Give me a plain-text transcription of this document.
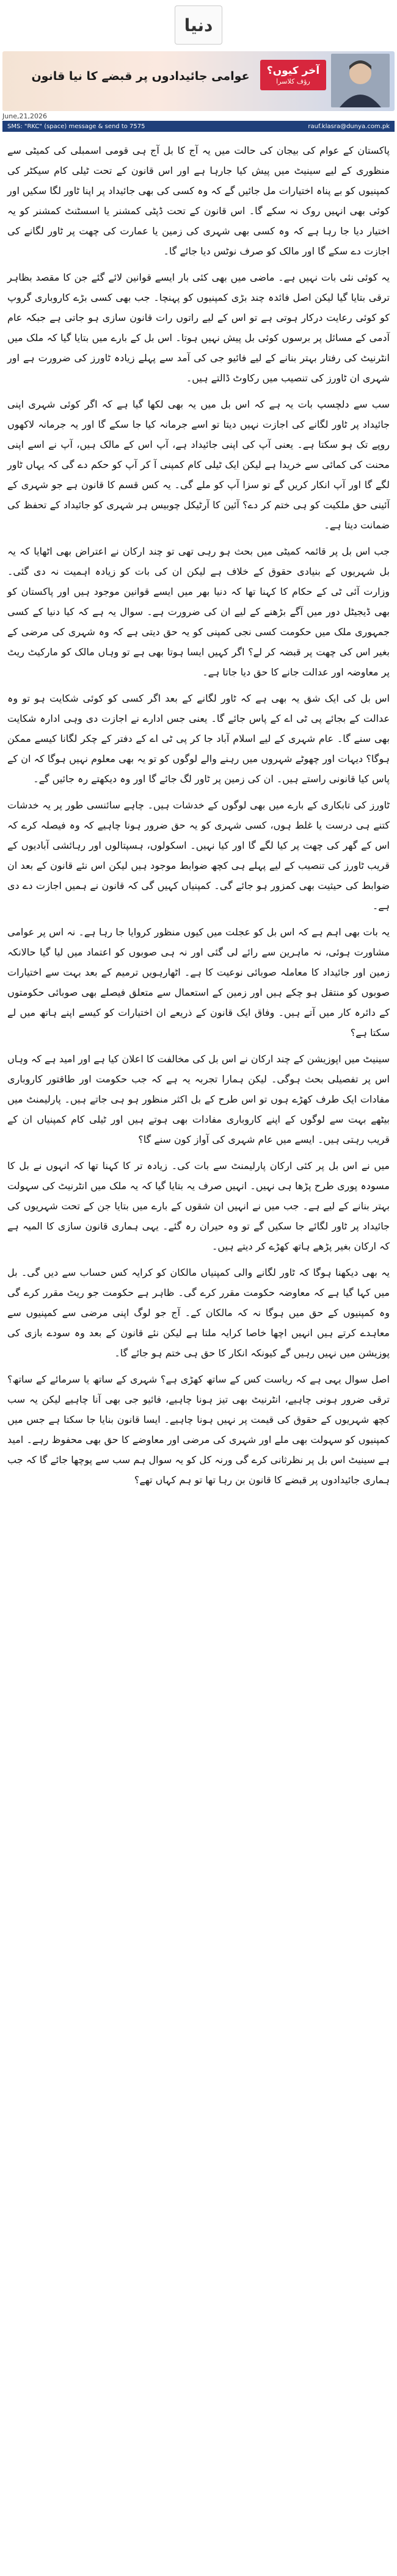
دنیا
عوامی جائیدادوں پر قبضے کا نیا قانون	آخر کیوں؟
رؤف کلاسرا
June,21,2026
SMS: "RKC" (space) message & send to 7575	rauf.klasra@dunya.com.pk

پاکستان کے عوام کی بیجان کی حالت میں یہ آج کا بل آج ہی قومی اسمبلی کی کمیٹی سے منظوری کے لیے سینیٹ میں پیش کیا جارہا ہے اور اس قانون کے تحت ٹیلی کام سیکٹر کی کمپنیوں کو بے پناہ اختیارات مل جائیں گے کہ وہ کسی کی بھی جائیداد پر اپنا ٹاور لگا سکیں اور کوئی بھی انہیں روک نہ سکے گا۔ اس قانون کے تحت ڈپٹی کمشنر یا اسسٹنٹ کمشنر کو یہ اختیار دیا جا رہا ہے کہ وہ کسی بھی شہری کی زمین یا عمارت کی چھت پر ٹاور لگانے کی اجازت دے سکے گا اور مالک کو صرف نوٹس دیا جائے گا۔

یہ کوئی نئی بات نہیں ہے۔ ماضی میں بھی کئی بار ایسے قوانین لائے گئے جن کا مقصد بظاہر ترقی بتایا گیا لیکن اصل فائدہ چند بڑی کمپنیوں کو پہنچا۔ جب بھی کسی بڑے کاروباری گروپ کو کوئی رعایت درکار ہوتی ہے تو اس کے لیے راتوں رات قانون سازی ہو جاتی ہے جبکہ عام آدمی کے مسائل پر برسوں کوئی بل پیش نہیں ہوتا۔ اس بل کے بارے میں بتایا گیا کہ ملک میں انٹرنیٹ کی رفتار بہتر بنانے کے لیے فائیو جی کی آمد سے پہلے زیادہ ٹاورز کی ضرورت ہے اور شہری ان ٹاورز کی تنصیب میں رکاوٹ ڈالتے ہیں۔

سب سے دلچسپ بات یہ ہے کہ اس بل میں یہ بھی لکھا گیا ہے کہ اگر کوئی شہری اپنی جائیداد پر ٹاور لگانے کی اجازت نہیں دیتا تو اسے جرمانہ کیا جا سکے گا اور یہ جرمانہ لاکھوں روپے تک ہو سکتا ہے۔ یعنی آپ کی اپنی جائیداد ہے، آپ اس کے مالک ہیں، آپ نے اسے اپنی محنت کی کمائی سے خریدا ہے لیکن ایک ٹیلی کام کمپنی آ کر آپ کو حکم دے گی کہ یہاں ٹاور لگے گا اور آپ انکار کریں گے تو سزا آپ کو ملے گی۔ یہ کس قسم کا قانون ہے جو شہری کے آئینی حق ملکیت کو ہی ختم کر دے؟ آئین کا آرٹیکل چوبیس ہر شہری کو جائیداد کے تحفظ کی ضمانت دیتا ہے۔

جب اس بل پر قائمہ کمیٹی میں بحث ہو رہی تھی تو چند ارکان نے اعتراض بھی اٹھایا کہ یہ بل شہریوں کے بنیادی حقوق کے خلاف ہے لیکن ان کی بات کو زیادہ اہمیت نہ دی گئی۔ وزارت آئی ٹی کے حکام کا کہنا تھا کہ دنیا بھر میں ایسے قوانین موجود ہیں اور پاکستان کو بھی ڈیجیٹل دور میں آگے بڑھنے کے لیے ان کی ضرورت ہے۔ سوال یہ ہے کہ کیا دنیا کے کسی جمہوری ملک میں حکومت کسی نجی کمپنی کو یہ حق دیتی ہے کہ وہ شہری کی مرضی کے بغیر اس کی چھت پر قبضہ کر لے؟ اگر کہیں ایسا ہوتا بھی ہے تو وہاں مالک کو مارکیٹ ریٹ پر معاوضہ اور عدالت جانے کا حق دیا جاتا ہے۔

اس بل کی ایک شق یہ بھی ہے کہ ٹاور لگانے کے بعد اگر کسی کو کوئی شکایت ہو تو وہ عدالت کے بجائے پی ٹی اے کے پاس جائے گا۔ یعنی جس ادارے نے اجازت دی وہی ادارہ شکایت بھی سنے گا۔ عام شہری کے لیے اسلام آباد جا کر پی ٹی اے کے دفتر کے چکر لگانا کیسے ممکن ہوگا؟ دیہات اور چھوٹے شہروں میں رہنے والے لوگوں کو تو یہ بھی معلوم نہیں ہوگا کہ ان کے پاس کیا قانونی راستے ہیں۔ ان کی زمین پر ٹاور لگ جائے گا اور وہ دیکھتے رہ جائیں گے۔

ٹاورز کی تابکاری کے بارے میں بھی لوگوں کے خدشات ہیں۔ چاہے سائنسی طور پر یہ خدشات کتنے ہی درست یا غلط ہوں، کسی شہری کو یہ حق ضرور ہونا چاہیے کہ وہ فیصلہ کرے کہ اس کے گھر کی چھت پر کیا لگے گا اور کیا نہیں۔ اسکولوں، ہسپتالوں اور رہائشی آبادیوں کے قریب ٹاورز کی تنصیب کے لیے پہلے ہی کچھ ضوابط موجود ہیں لیکن اس نئے قانون کے بعد ان ضوابط کی حیثیت بھی کمزور ہو جائے گی۔ کمپنیاں کہیں گی کہ قانون نے ہمیں اجازت دے دی ہے۔

یہ بات بھی اہم ہے کہ اس بل کو عجلت میں کیوں منظور کروایا جا رہا ہے۔ نہ اس پر عوامی مشاورت ہوئی، نہ ماہرین سے رائے لی گئی اور نہ ہی صوبوں کو اعتماد میں لیا گیا حالانکہ زمین اور جائیداد کا معاملہ صوبائی نوعیت کا ہے۔ اٹھارہویں ترمیم کے بعد بہت سے اختیارات صوبوں کو منتقل ہو چکے ہیں اور زمین کے استعمال سے متعلق فیصلے بھی صوبائی حکومتوں کے دائرہ کار میں آتے ہیں۔ وفاق ایک قانون کے ذریعے ان اختیارات کو کیسے اپنے ہاتھ میں لے سکتا ہے؟

سینیٹ میں اپوزیشن کے چند ارکان نے اس بل کی مخالفت کا اعلان کیا ہے اور امید ہے کہ وہاں اس پر تفصیلی بحث ہوگی۔ لیکن ہمارا تجربہ یہ ہے کہ جب حکومت اور طاقتور کاروباری مفادات ایک طرف کھڑے ہوں تو اس طرح کے بل اکثر منظور ہو ہی جاتے ہیں۔ پارلیمنٹ میں بیٹھے بہت سے لوگوں کے اپنے کاروباری مفادات بھی ہوتے ہیں اور ٹیلی کام کمپنیاں ان کے قریب رہتی ہیں۔ ایسے میں عام شہری کی آواز کون سنے گا؟

میں نے اس بل پر کئی ارکان پارلیمنٹ سے بات کی۔ زیادہ تر کا کہنا تھا کہ انہوں نے بل کا مسودہ پوری طرح پڑھا ہی نہیں۔ انہیں صرف یہ بتایا گیا کہ یہ ملک میں انٹرنیٹ کی سہولت بہتر بنانے کے لیے ہے۔ جب میں نے انہیں ان شقوں کے بارے میں بتایا جن کے تحت شہریوں کی جائیداد پر ٹاور لگائے جا سکیں گے تو وہ حیران رہ گئے۔ یہی ہماری قانون سازی کا المیہ ہے کہ ارکان بغیر پڑھے ہاتھ کھڑے کر دیتے ہیں۔

یہ بھی دیکھنا ہوگا کہ ٹاور لگانے والی کمپنیاں مالکان کو کرایہ کس حساب سے دیں گی۔ بل میں کہا گیا ہے کہ معاوضہ حکومت مقرر کرے گی۔ ظاہر ہے حکومت جو ریٹ مقرر کرے گی وہ کمپنیوں کے حق میں ہوگا نہ کہ مالکان کے۔ آج جو لوگ اپنی مرضی سے کمپنیوں سے معاہدے کرتے ہیں انہیں اچھا خاصا کرایہ ملتا ہے لیکن نئے قانون کے بعد وہ سودے بازی کی پوزیشن میں نہیں رہیں گے کیونکہ انکار کا حق ہی ختم ہو جائے گا۔

اصل سوال یہی ہے کہ ریاست کس کے ساتھ کھڑی ہے؟ شہری کے ساتھ یا سرمائے کے ساتھ؟ ترقی ضرور ہونی چاہیے، انٹرنیٹ بھی تیز ہونا چاہیے، فائیو جی بھی آنا چاہیے لیکن یہ سب کچھ شہریوں کے حقوق کی قیمت پر نہیں ہونا چاہیے۔ ایسا قانون بنایا جا سکتا ہے جس میں کمپنیوں کو سہولت بھی ملے اور شہری کی مرضی اور معاوضے کا حق بھی محفوظ رہے۔ امید ہے سینیٹ اس بل پر نظرثانی کرے گی ورنہ کل کو یہ سوال ہم سب سے پوچھا جائے گا کہ جب ہماری جائیدادوں پر قبضے کا قانون بن رہا تھا تو ہم کہاں تھے؟
